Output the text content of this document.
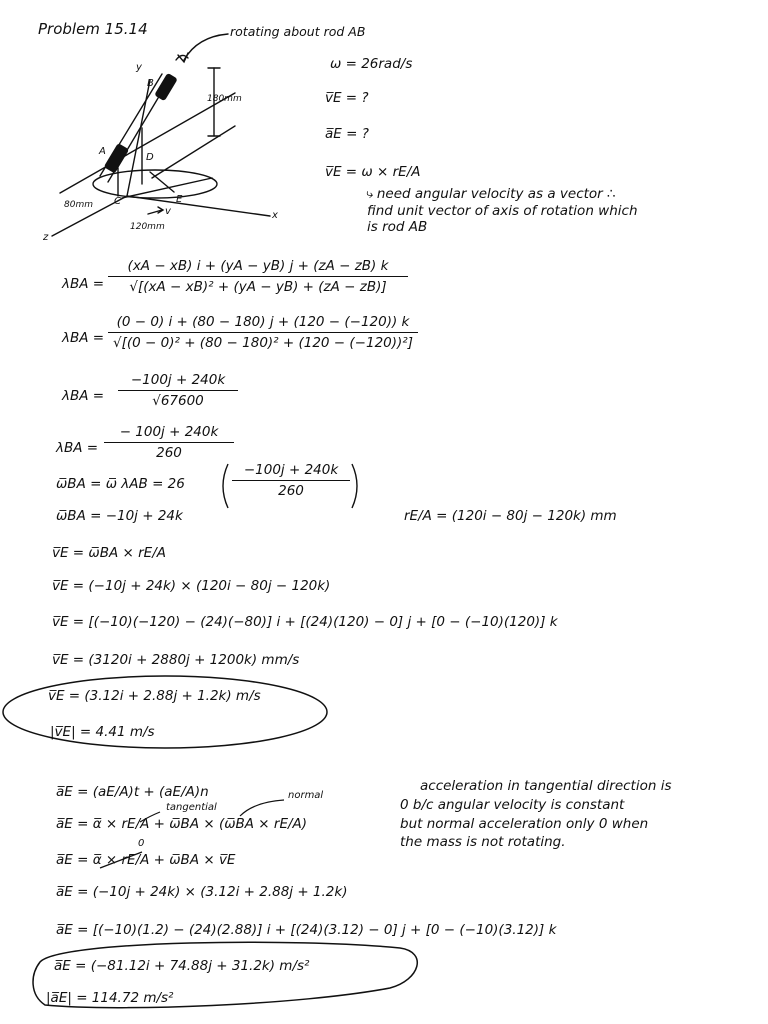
Problem 15.14	rotating about rod AB
y
B
A
D
C	E
z
x
v
180mm
80mm
120mm
ω = 26rad/s
v̅E = ?
a̅E = ?
v̅E = ω × rE/A
⤷ need angular velocity as a vector ∴
find unit vector of axis of rotation which
is rod AB
λBA =
(xA − xB) i + (yA − yB) j + (zA − zB) k
√[(xA − xB)² + (yA − yB) + (zA − zB)]
λBA =
(0 − 0) i + (80 − 180) j + (120 − (−120)) k
√[(0 − 0)² + (80 − 180)² + (120 − (−120))²]
λBA =
−100j + 240k
√67600
λBA =
− 100j + 240k
260
ω̅BA = ω̅ λAB = 26
−100j + 240k
260
ω̅BA = −10j + 24k	rE/A = (120i − 80j − 120k) mm
v̅E = ω̅BA × rE/A
v̅E = (−10j + 24k) × (120i − 80j − 120k)
v̅E = [(−10)(−120) − (24)(−80)] i + [(24)(120) − 0] j + [0 − (−10)(120)] k
v̅E = (3120i + 2880j + 1200k) mm/s
v̅E = (3.12i + 2.88j + 1.2k) m/s
|v̅E| = 4.41 m/s
a̅E = (aE/A)t + (aE/A)n
tangential
normal
a̅E = α̅ × rE/A + ω̅BA × (ω̅BA × rE/A)
0
a̅E = α̅ × rE/A + ω̅BA × v̅E
a̅E = (−10j + 24k) × (3.12i + 2.88j + 1.2k)
a̅E = [(−10)(1.2) − (24)(2.88)] i + [(24)(3.12) − 0] j + [0 − (−10)(3.12)] k
a̅E = (−81.12i + 74.88j + 31.2k) m/s²
|a̅E| = 114.72 m/s²
acceleration in tangential direction is
0 b/c angular velocity is constant
but normal acceleration only 0 when
the mass is not rotating.
